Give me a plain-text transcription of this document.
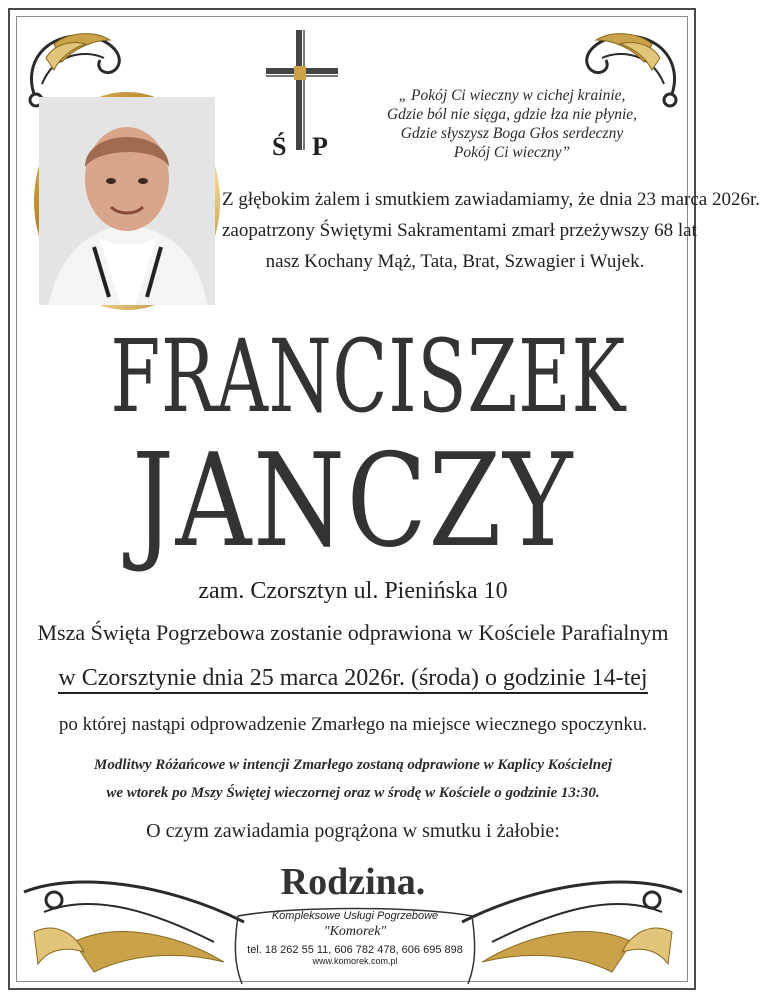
Ś P
„ Pokój Ci wieczny w cichej krainie,
Gdzie ból nie sięga, gdzie łza nie płynie,
Gdzie słyszysz Boga Głos serdeczny
Pokój Ci wieczny”
Z głębokim żalem i smutkiem zawiadamiamy, że dnia 23 marca 2026r.
zaopatrzony Świętymi Sakramentami zmarł przeżywszy 68 lat
nasz Kochany Mąż, Tata, Brat, Szwagier i Wujek.
FRANCISZEK
JANCZY
zam. Czorsztyn ul. Pienińska 10
Msza Święta Pogrzebowa zostanie odprawiona w Kościele Parafialnym
w Czorsztynie dnia 25 marca 2026r. (środa) o godzinie 14-tej
po której nastąpi odprowadzenie Zmarłego na miejsce wiecznego spoczynku.
Modlitwy Różańcowe w intencji Zmarłego zostaną odprawione w Kaplicy Kościelnej
we wtorek po Mszy Świętej wieczornej oraz w środę w Kościele o godzinie 13:30.
O czym zawiadamia pogrążona w smutku i żałobie:
Rodzina.
Kompleksowe Usługi Pogrzebowe
"Komorek"
tel. 18 262 55 11, 606 782 478, 606 695 898
www.komorek.com.pl
